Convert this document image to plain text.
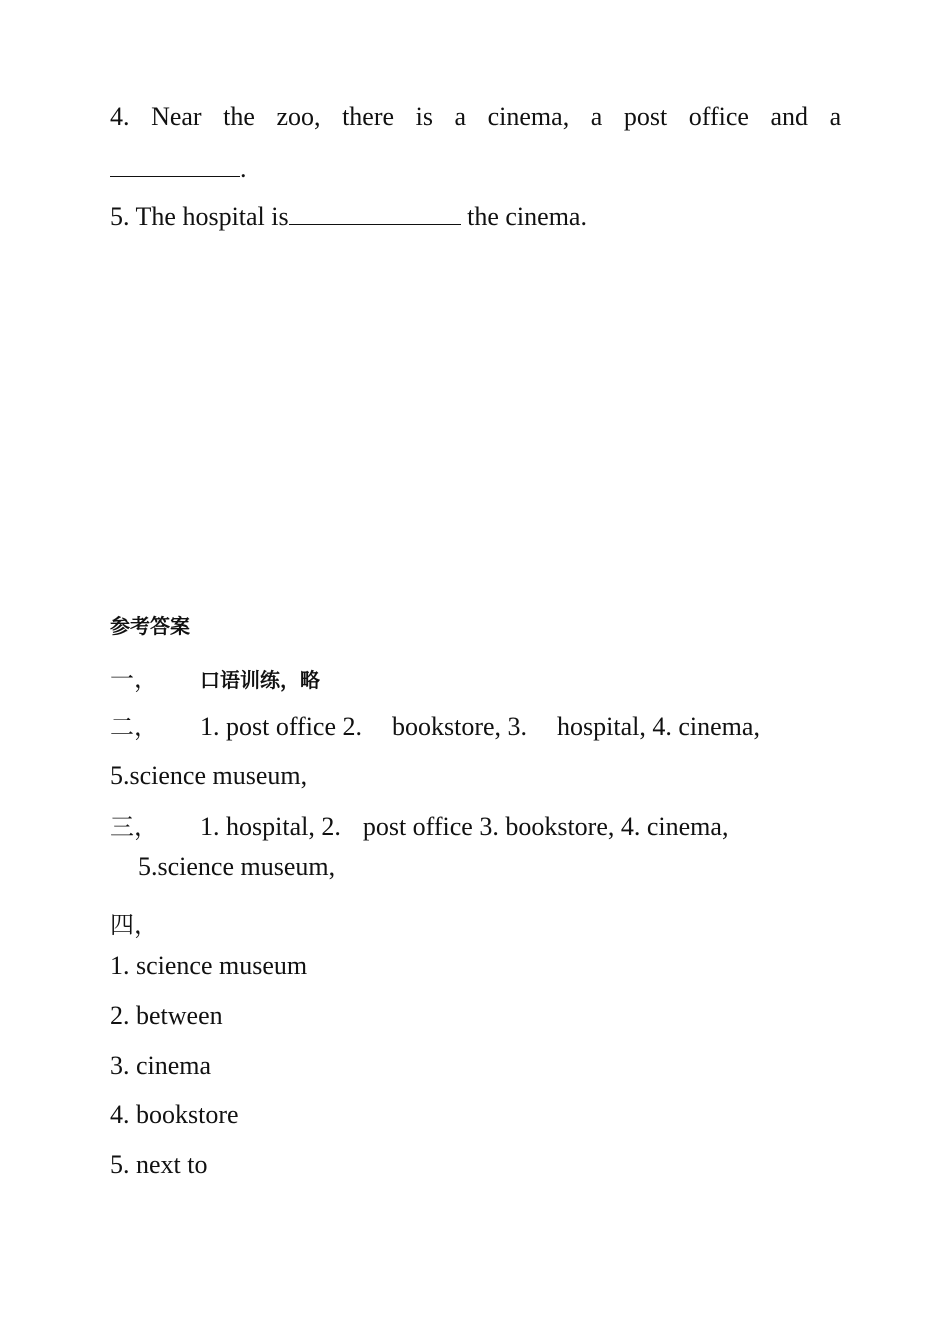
4. Near the zoo, there is a cinema, a post office and a
.
5. The hospital is	the cinema.
参考答案
一， 口语训练，略
二， 1. post office 2. bookstore, 3. hospital, 4. cinema,
5.science museum,
三， 1. hospital, 2. post office 3. bookstore, 4. cinema,
5.science museum,
四，
1. science museum
2. between
3. cinema
4. bookstore
5. next to
